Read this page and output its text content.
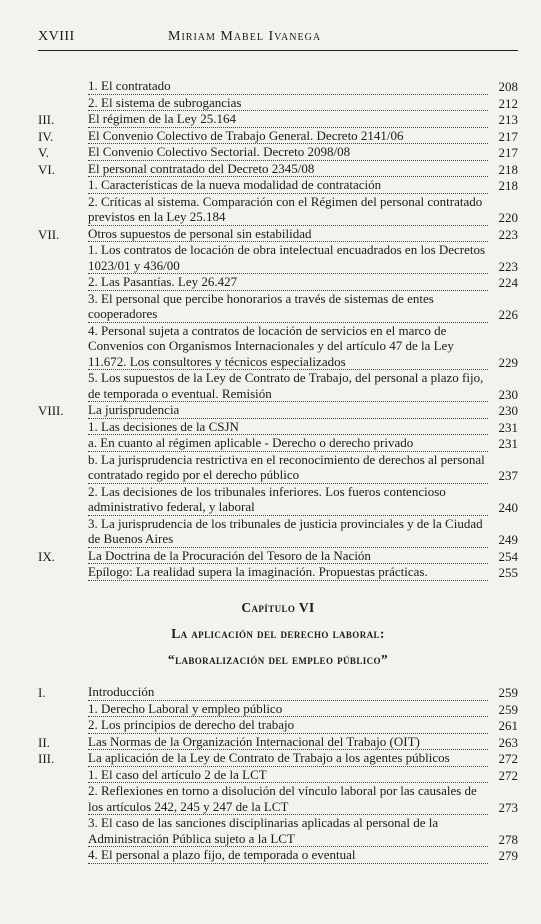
XVIII	Miriam Mabel Ivanega
1. El contratado	208
2. El sistema de subrogancias	212
III.	El régimen de la Ley 25.164	213
IV.	El Convenio Colectivo de Trabajo General. Decreto 2141/06	217
V.	El Convenio Colectivo Sectorial. Decreto 2098/08	217
VI.	El personal contratado del Decreto 2345/08	218
1. Características de la nueva modalidad de contratación	218
2. Críticas al sistema. Comparación con el Régimen del personal contratado previstos en la Ley 25.184	220
VII.	Otros supuestos de personal sin estabilidad	223
1. Los contratos de locación de obra intelectual encuadrados en los Decretos 1023/01 y 436/00	223
2. Las Pasantías. Ley 26.427	224
3. El personal que percibe honorarios a través de sistemas de entes cooperadores	226
4. Personal sujeta a contratos de locación de servicios en el marco de Convenios con Organismos Internacionales y del artículo 47 de la Ley 11.672. Los consultores y técnicos especializados	229
5. Los supuestos de la Ley de Contrato de Trabajo, del personal a plazo fijo, de temporada o eventual. Remisión	230
VIII.	La jurisprudencia	230
1. Las decisiones de la CSJN	231
a. En cuanto al régimen aplicable - Derecho o derecho privado	231
b. La jurisprudencia restrictiva en el reconocimiento de derechos al personal contratado regido por el derecho público	237
2. Las decisiones de los tribunales inferiores. Los fueros contencioso administrativo federal, y laboral	240
3. La jurisprudencia de los tribunales de justicia provinciales y de la Ciudad de Buenos Aires	249
IX.	La Doctrina de la Procuración del Tesoro de la Nación	254
Epílogo: La realidad supera la imaginación. Propuestas prácticas.	255
Capítulo VI
La aplicación del derecho laboral:
“laboralización del empleo público”
I.	Introducción	259
1. Derecho Laboral y empleo público	259
2. Los principios de derecho del trabajo	261
II.	Las Normas de la Organización Internacional del Trabajo (OIT)	263
III.	La aplicación de la Ley de Contrato de Trabajo a los agentes públicos	272
1. El caso del artículo 2 de la LCT	272
2. Reflexiones en torno a disolución del vínculo laboral por las causales de los artículos 242, 245 y 247 de la LCT	273
3. El caso de las sanciones disciplinarias aplicadas al personal de la Administración Pública sujeto a la LCT	278
4. El personal a plazo fijo, de temporada o eventual	279
